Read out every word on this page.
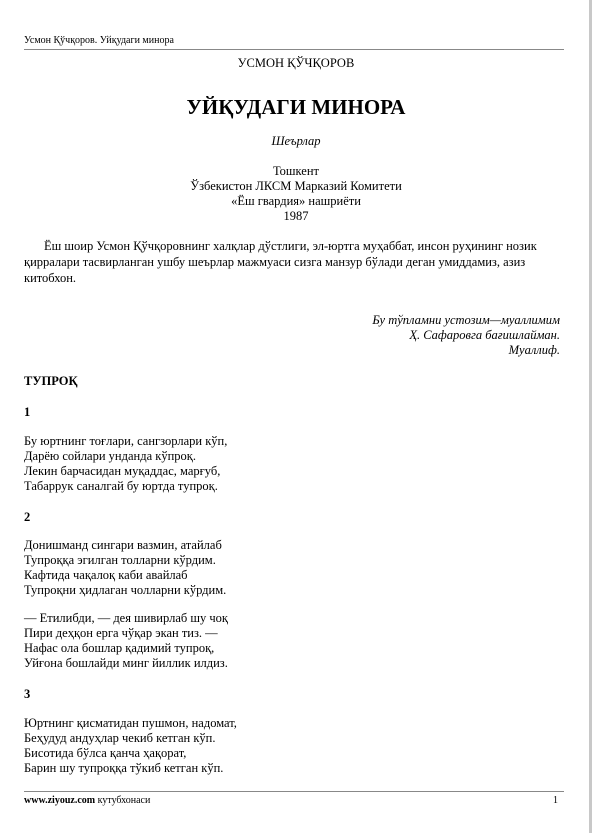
Усмон Қўчқоров. Уйқудаги минора
УСМОН ҚЎЧҚОРОВ
УЙҚУДАГИ МИНОРА
Шеърлар
Тошкент
Ўзбекистон ЛКСМ Марказий Комитети
«Ёш гвардия» нашриёти
1987

Ёш шоир Усмон Қўчқоровнинг халқлар дўстлиги, эл-юртга муҳаббат, инсон руҳининг нозик қирралари тасвирланган ушбу шеърлар мажмуаси сизга манзур бўлади деган умиддамиз, азиз китобхон.

Бу тўпламни устозим—муаллимим
Ҳ. Сафаровга бағишлайман.
Муаллиф.
ТУПРОҚ
1
Бу юртнинг тоғлари, сангзорлари кўп,
Дарёю сойлари унданда кўпроқ.
Лекин барчасидан муқаддас, марғуб,
Табаррук саналгай бу юртда тупроқ.
2
Донишманд сингари вазмин, атайлаб
Тупроққа эгилган толларни кўрдим.
Кафтида чақалоқ каби авайлаб
Тупроқни ҳидлаган чолларни кўрдим.
— Етилибди, — дея шивирлаб шу чоқ
Пири деҳқон ерга чўқар экан тиз. —
Нафас ола бошлар қадимий тупроқ,
Уйғона бошлайди минг йиллик илдиз.
3
Юртнинг қисматидан пушмон, надомат,
Беҳудуд андуҳлар чекиб кетган кўп.
Бисотида бўлса қанча ҳақорат,
Барин шу тупроққа тўкиб кетган кўп.
www.ziyouz.com кутубхонаси	1
